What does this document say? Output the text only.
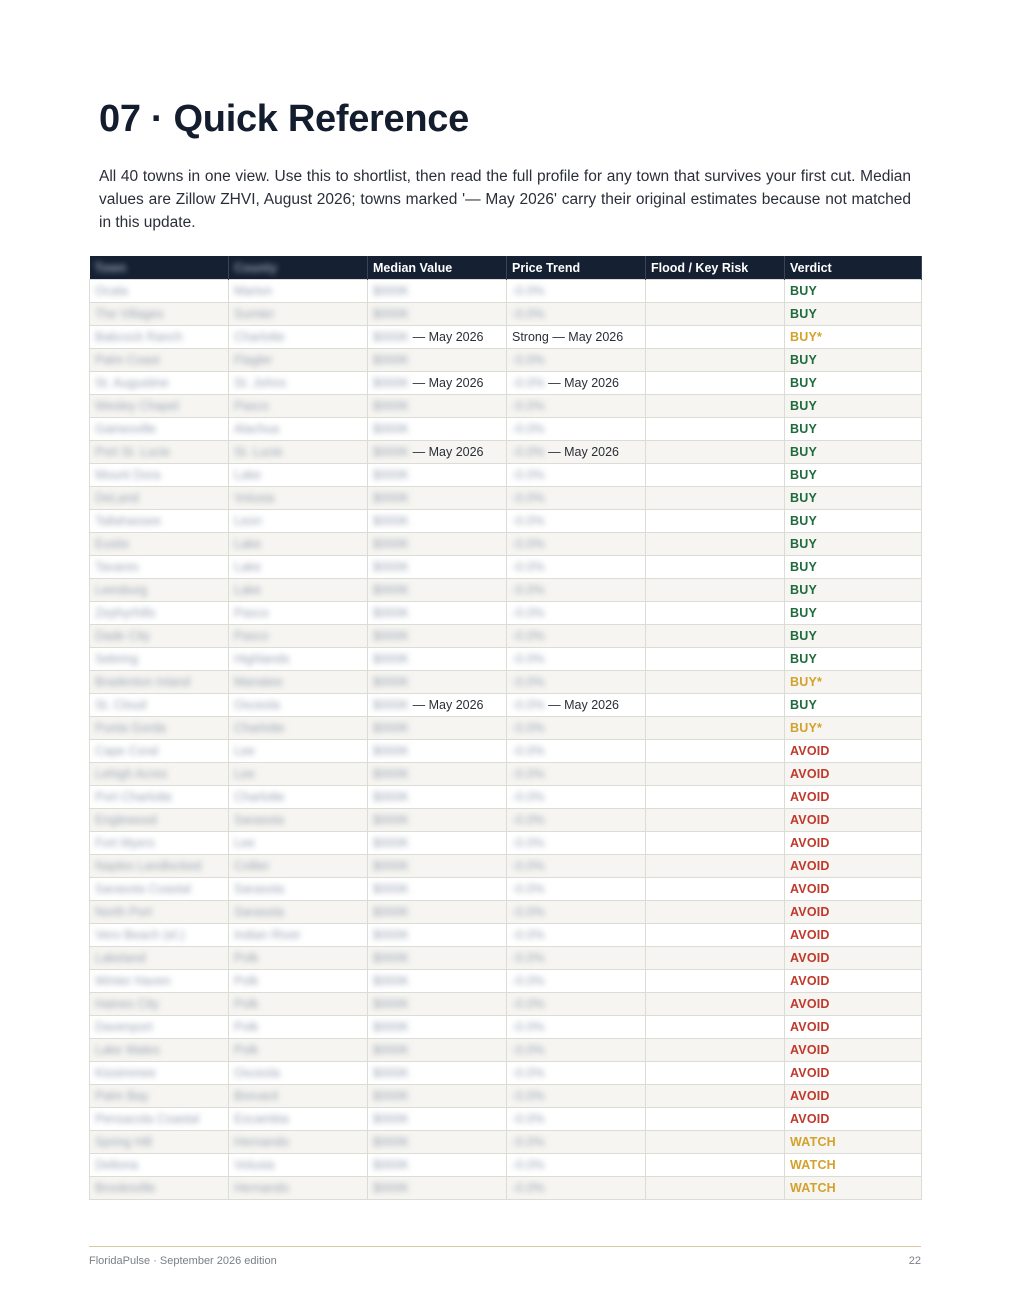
07 · Quick Reference

All 40 towns in one view. Use this to shortlist, then read the full profile for any town that survives your first cut. Median values are Zillow ZHVI, August 2026; towns marked '— May 2026' carry their original estimates because not matched in this update.

Town	County	Median Value	Price Trend	Flood / Key Risk	Verdict
Ocala	Marion	$000K	-0.0%		BUY
The Villages	Sumter	$000K	-0.0%		BUY
Babcock Ranch	Charlotte	$000K — May 2026	Strong — May 2026		BUY*
Palm Coast	Flagler	$000K	-0.0%		BUY
St. Augustine	St. Johns	$000K — May 2026	-0.0% — May 2026		BUY
Wesley Chapel	Pasco	$000K	-0.0%		BUY
Gainesville	Alachua	$000K	-0.0%		BUY
Port St. Lucie	St. Lucie	$000K — May 2026	-0.0% — May 2026		BUY
Mount Dora	Lake	$000K	-0.0%		BUY
DeLand	Volusia	$000K	-0.0%		BUY
Tallahassee	Leon	$000K	-0.0%		BUY
Eustis	Lake	$000K	-0.0%		BUY
Tavares	Lake	$000K	-0.0%		BUY
Leesburg	Lake	$000K	-0.0%		BUY
Zephyrhills	Pasco	$000K	-0.0%		BUY
Dade City	Pasco	$000K	-0.0%		BUY
Sebring	Highlands	$000K	-0.0%		BUY
Bradenton Inland	Manatee	$000K	-0.0%		BUY*
St. Cloud	Osceola	$000K — May 2026	-0.0% — May 2026		BUY
Punta Gorda	Charlotte	$000K	-0.0%		BUY*
Cape Coral	Lee	$000K	-0.0%		AVOID
Lehigh Acres	Lee	$000K	-0.0%		AVOID
Port Charlotte	Charlotte	$000K	-0.0%		AVOID
Englewood	Sarasota	$000K	-0.0%		AVOID
Fort Myers	Lee	$000K	-0.0%		AVOID
Naples Landlocked	Collier	$000K	-0.0%		AVOID
Sarasota Coastal	Sarasota	$000K	-0.0%		AVOID
North Port	Sarasota	$000K	-0.0%		AVOID
Vero Beach (el.)	Indian River	$000K	-0.0%		AVOID
Lakeland	Polk	$000K	-0.0%		AVOID
Winter Haven	Polk	$000K	-0.0%		AVOID
Haines City	Polk	$000K	-0.0%		AVOID
Davenport	Polk	$000K	-0.0%		AVOID
Lake Wales	Polk	$000K	-0.0%		AVOID
Kissimmee	Osceola	$000K	-0.0%		AVOID
Palm Bay	Brevard	$000K	-0.0%		AVOID
Pensacola Coastal	Escambia	$000K	-0.0%		AVOID
Spring Hill	Hernando	$000K	-0.0%		WATCH
Deltona	Volusia	$000K	-0.0%		WATCH
Brooksville	Hernando	$000K	-0.0%		WATCH
FloridaPulse · September 2026 edition	22
